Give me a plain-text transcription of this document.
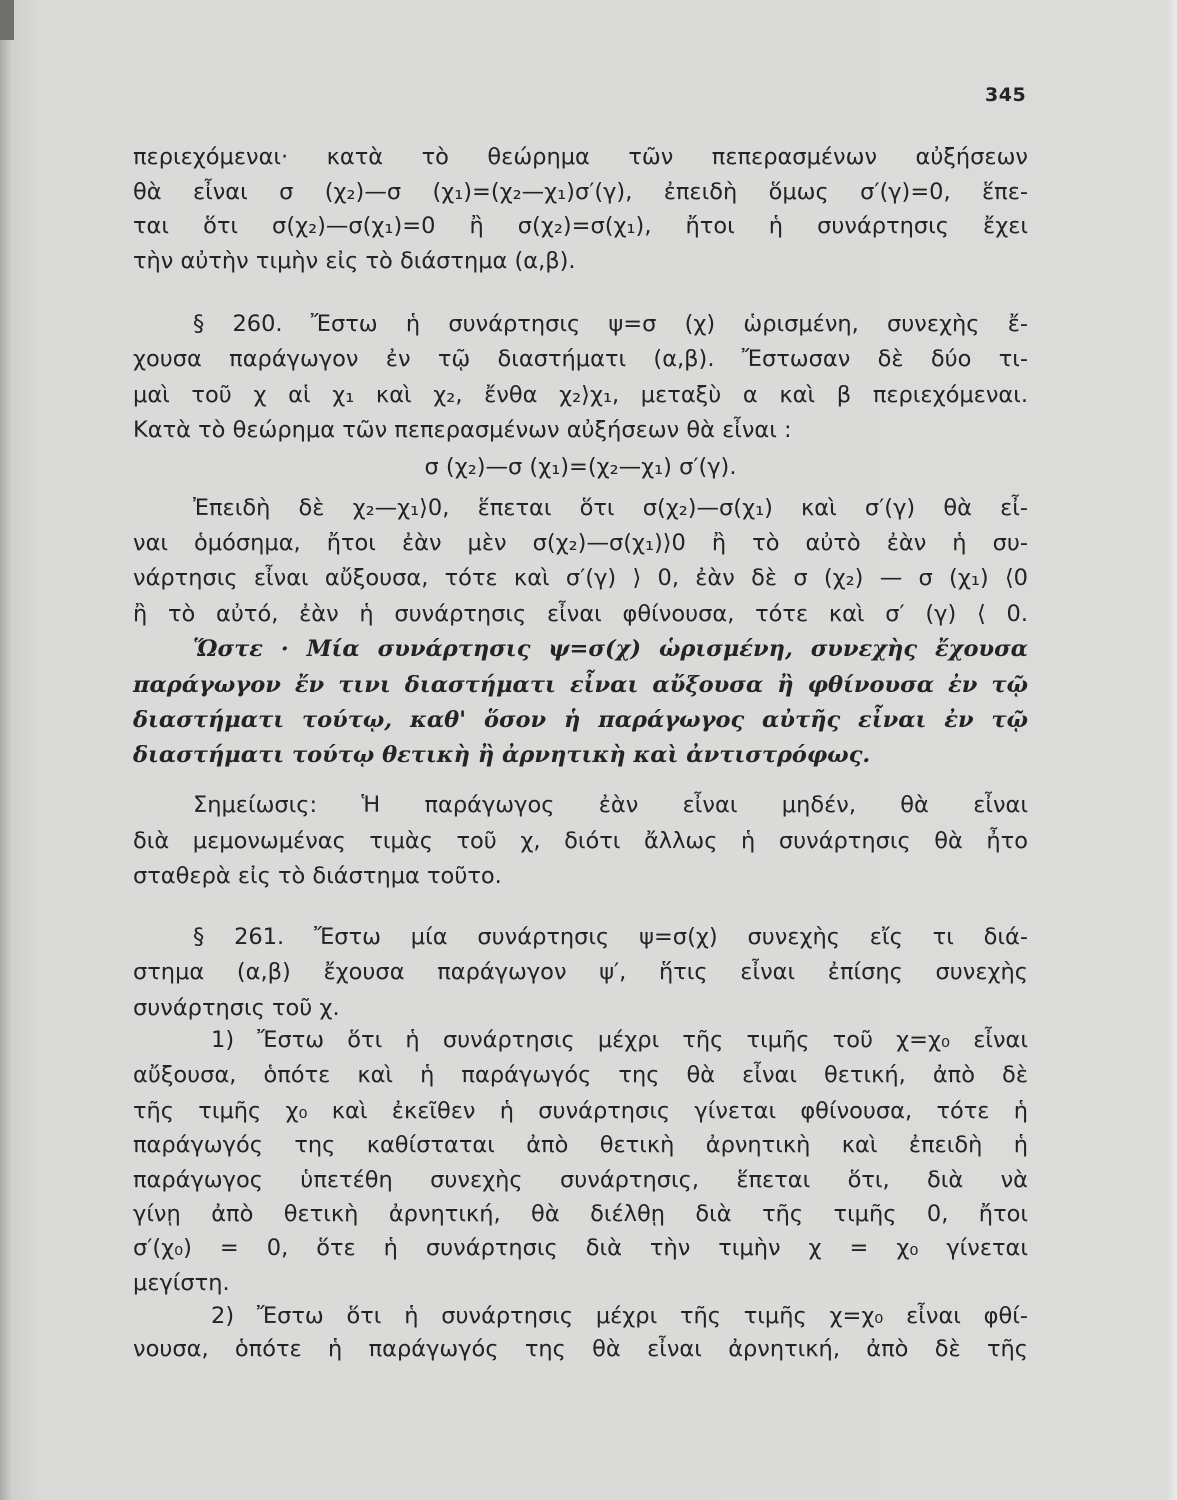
345
περιεχόμεναι· κατὰ τὸ θεώρημα τῶν πεπερασμένων αὐξήσεων
θὰ εἶναι σ (χ₂)—σ (χ₁)=(χ₂—χ₁)σ′(γ), ἐπειδὴ ὅμως σ′(γ)=0, ἕπε-
ται ὅτι σ(χ₂)—σ(χ₁)=0 ἢ σ(χ₂)=σ(χ₁), ἤτοι ἡ συνάρτησις ἔχει
τὴν αὐτὴν τιμὴν εἰς τὸ διάστημα (α,β).
§ 260. Ἔστω ἡ συνάρτησις ψ=σ (χ) ὡρισμένη, συνεχὴς ἔ-
χουσα παράγωγον ἐν τῷ διαστήματι (α,β). Ἔστωσαν δὲ δύο τι-
μαὶ τοῦ χ αἱ χ₁ καὶ χ₂, ἔνθα χ₂⟩χ₁, μεταξὺ α καὶ β περιεχόμεναι.
Κατὰ τὸ θεώρημα τῶν πεπερασμένων αὐξήσεων θὰ εἶναι :
σ (χ₂)—σ (χ₁)=(χ₂—χ₁) σ′(γ).
Ἐπειδὴ δὲ χ₂—χ₁⟩0, ἕπεται ὅτι σ(χ₂)—σ(χ₁) καὶ σ′(γ) θὰ εἶ-
ναι ὁμόσημα, ἤτοι ἐὰν μὲν σ(χ₂)—σ(χ₁)⟩0 ἢ τὸ αὐτὸ ἐὰν ἡ συ-
νάρτησις εἶναι αὔξουσα, τότε καὶ σ′(γ) ⟩ 0, ἐὰν δὲ σ (χ₂) — σ (χ₁) ⟨0
ἢ τὸ αὐτό, ἐὰν ἡ συνάρτησις εἶναι φθίνουσα, τότε καὶ σ′ (γ) ⟨ 0.
Ὥστε · Μία συνάρτησις ψ=σ(χ) ὡρισμένη, συνεχὴς ἔχουσα
παράγωγον ἔν τινι διαστήματι εἶναι αὔξουσα ἢ φθίνουσα ἐν τῷ
διαστήματι τούτῳ, καθ' ὅσον ἡ παράγωγος αὐτῆς εἶναι ἐν τῷ
διαστήματι τούτῳ θετικὴ ἢ ἀρνητικὴ καὶ ἀντιστρόφως.
Σημείωσις: Ἡ παράγωγος ἐὰν εἶναι μηδέν, θὰ εἶναι
διὰ μεμονωμένας τιμὰς τοῦ χ, διότι ἄλλως ἡ συνάρτησις θὰ ἦτο
σταθερὰ εἰς τὸ διάστημα τοῦτο.
§ 261. Ἔστω μία συνάρτησις ψ=σ(χ) συνεχὴς εἴς τι διά-
στημα (α,β) ἔχουσα παράγωγον ψ′, ἥτις εἶναι ἐπίσης συνεχὴς
συνάρτησις τοῦ χ.
1) Ἔστω ὅτι ἡ συνάρτησις μέχρι τῆς τιμῆς τοῦ χ=χ₀ εἶναι
αὔξουσα, ὁπότε καὶ ἡ παράγωγός της θὰ εἶναι θετική, ἀπὸ δὲ
τῆς τιμῆς χ₀ καὶ ἐκεῖθεν ἡ συνάρτησις γίνεται φθίνουσα, τότε ἡ
παράγωγός της καθίσταται ἀπὸ θετικὴ ἀρνητικὴ καὶ ἐπειδὴ ἡ
παράγωγος ὑπετέθη συνεχὴς συνάρτησις, ἕπεται ὅτι, διὰ νὰ
γίνῃ ἀπὸ θετικὴ ἀρνητική, θὰ διέλθῃ διὰ τῆς τιμῆς 0, ἤτοι
σ′(χ₀) = 0, ὅτε ἡ συνάρτησις διὰ τὴν τιμὴν χ = χ₀ γίνεται
μεγίστη.
2) Ἔστω ὅτι ἡ συνάρτησις μέχρι τῆς τιμῆς χ=χ₀ εἶναι φθί-
νουσα, ὁπότε ἡ παράγωγός της θὰ εἶναι ἀρνητική, ἀπὸ δὲ τῆς
